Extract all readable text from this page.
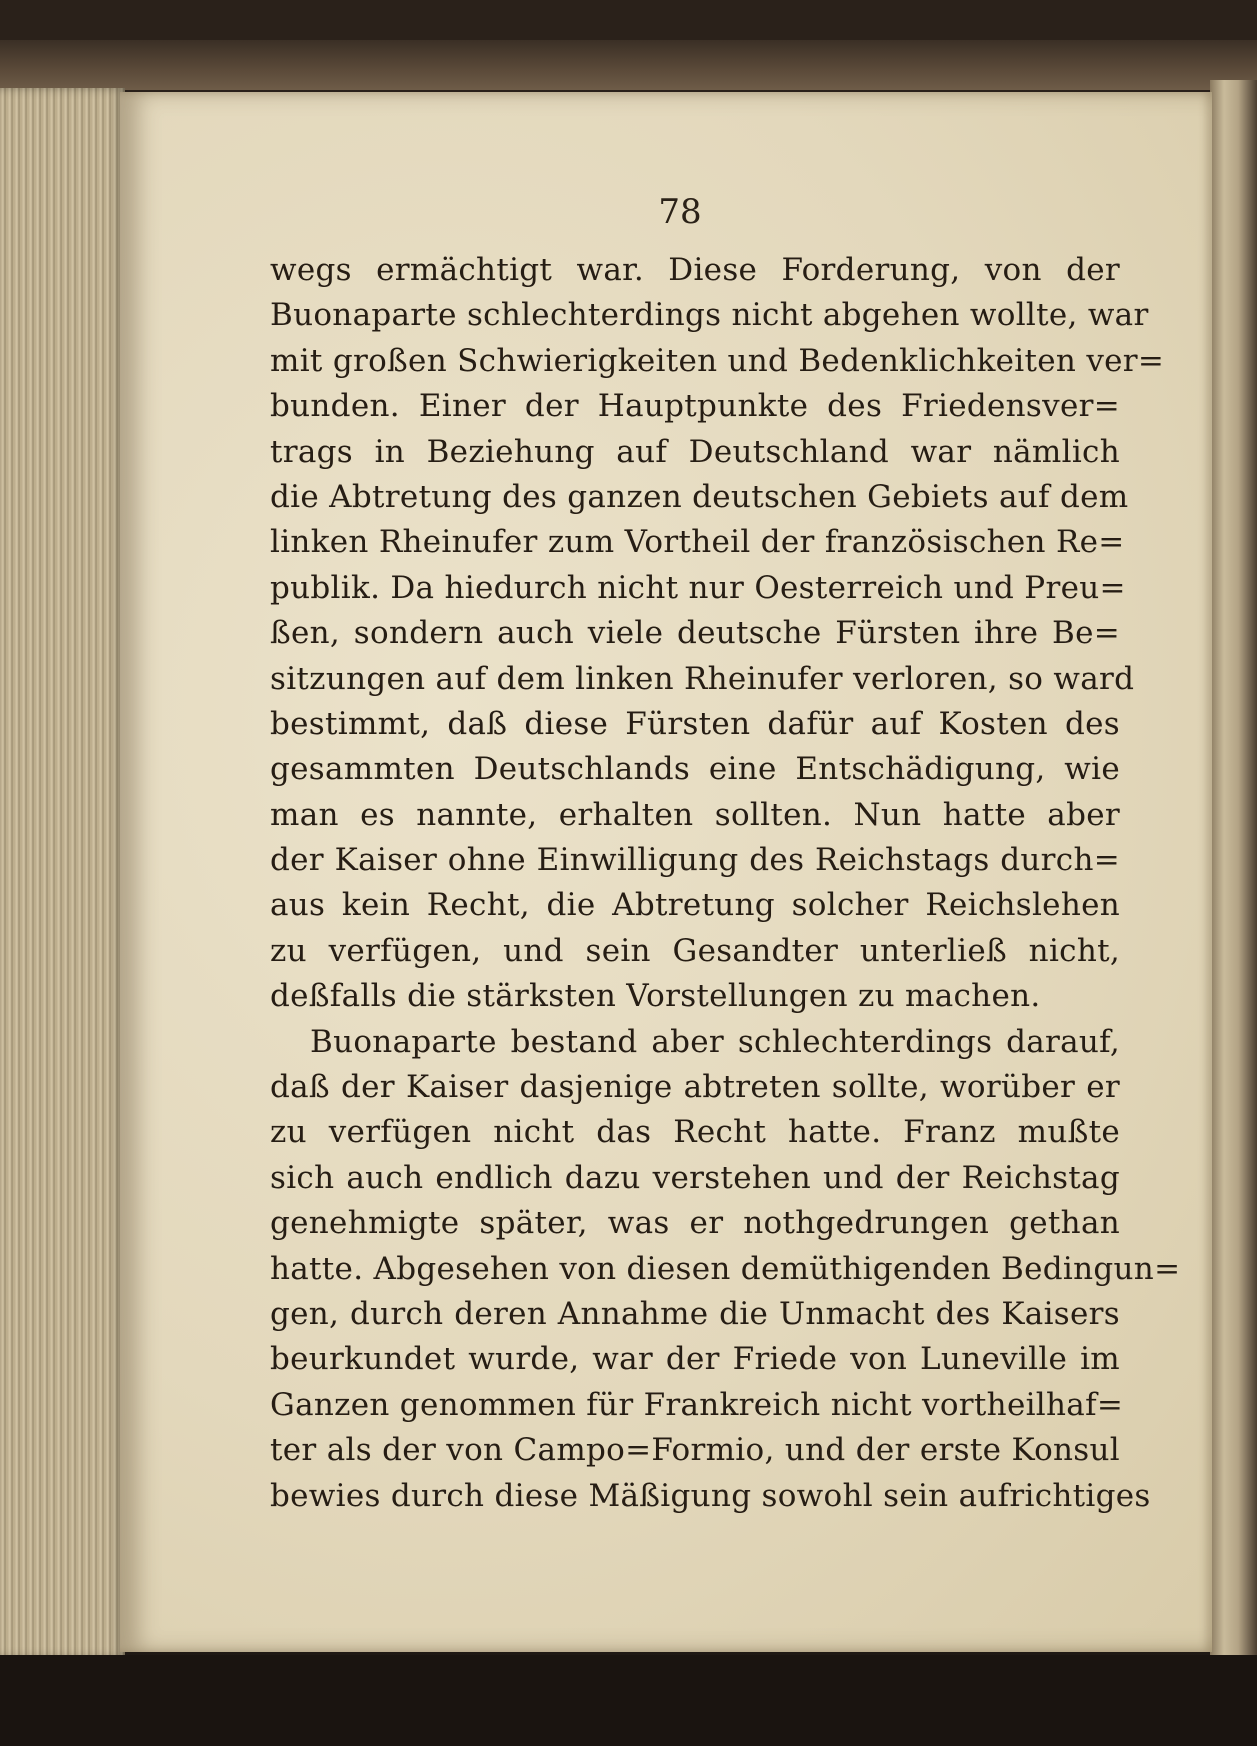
78
wegs ermächtigt war. Diese Forderung, von der
Buonaparte schlechterdings nicht abgehen wollte, war
mit großen Schwierigkeiten und Bedenklichkeiten ver=
bunden. Einer der Hauptpunkte des Friedensver=
trags in Beziehung auf Deutschland war nämlich
die Abtretung des ganzen deutschen Gebiets auf dem
linken Rheinufer zum Vortheil der französischen Re=
publik. Da hiedurch nicht nur Oesterreich und Preu=
ßen, sondern auch viele deutsche Fürsten ihre Be=
sitzungen auf dem linken Rheinufer verloren, so ward
bestimmt, daß diese Fürsten dafür auf Kosten des
gesammten Deutschlands eine Entschädigung, wie
man es nannte, erhalten sollten. Nun hatte aber
der Kaiser ohne Einwilligung des Reichstags durch=
aus kein Recht, die Abtretung solcher Reichslehen
zu verfügen, und sein Gesandter unterließ nicht,
deßfalls die stärksten Vorstellungen zu machen.
Buonaparte bestand aber schlechterdings darauf,
daß der Kaiser dasjenige abtreten sollte, worüber er
zu verfügen nicht das Recht hatte. Franz mußte
sich auch endlich dazu verstehen und der Reichstag
genehmigte später, was er nothgedrungen gethan
hatte. Abgesehen von diesen demüthigenden Bedingun=
gen, durch deren Annahme die Unmacht des Kaisers
beurkundet wurde, war der Friede von Luneville im
Ganzen genommen für Frankreich nicht vortheilhaf=
ter als der von Campo=Formio, und der erste Konsul
bewies durch diese Mäßigung sowohl sein aufrichtiges
